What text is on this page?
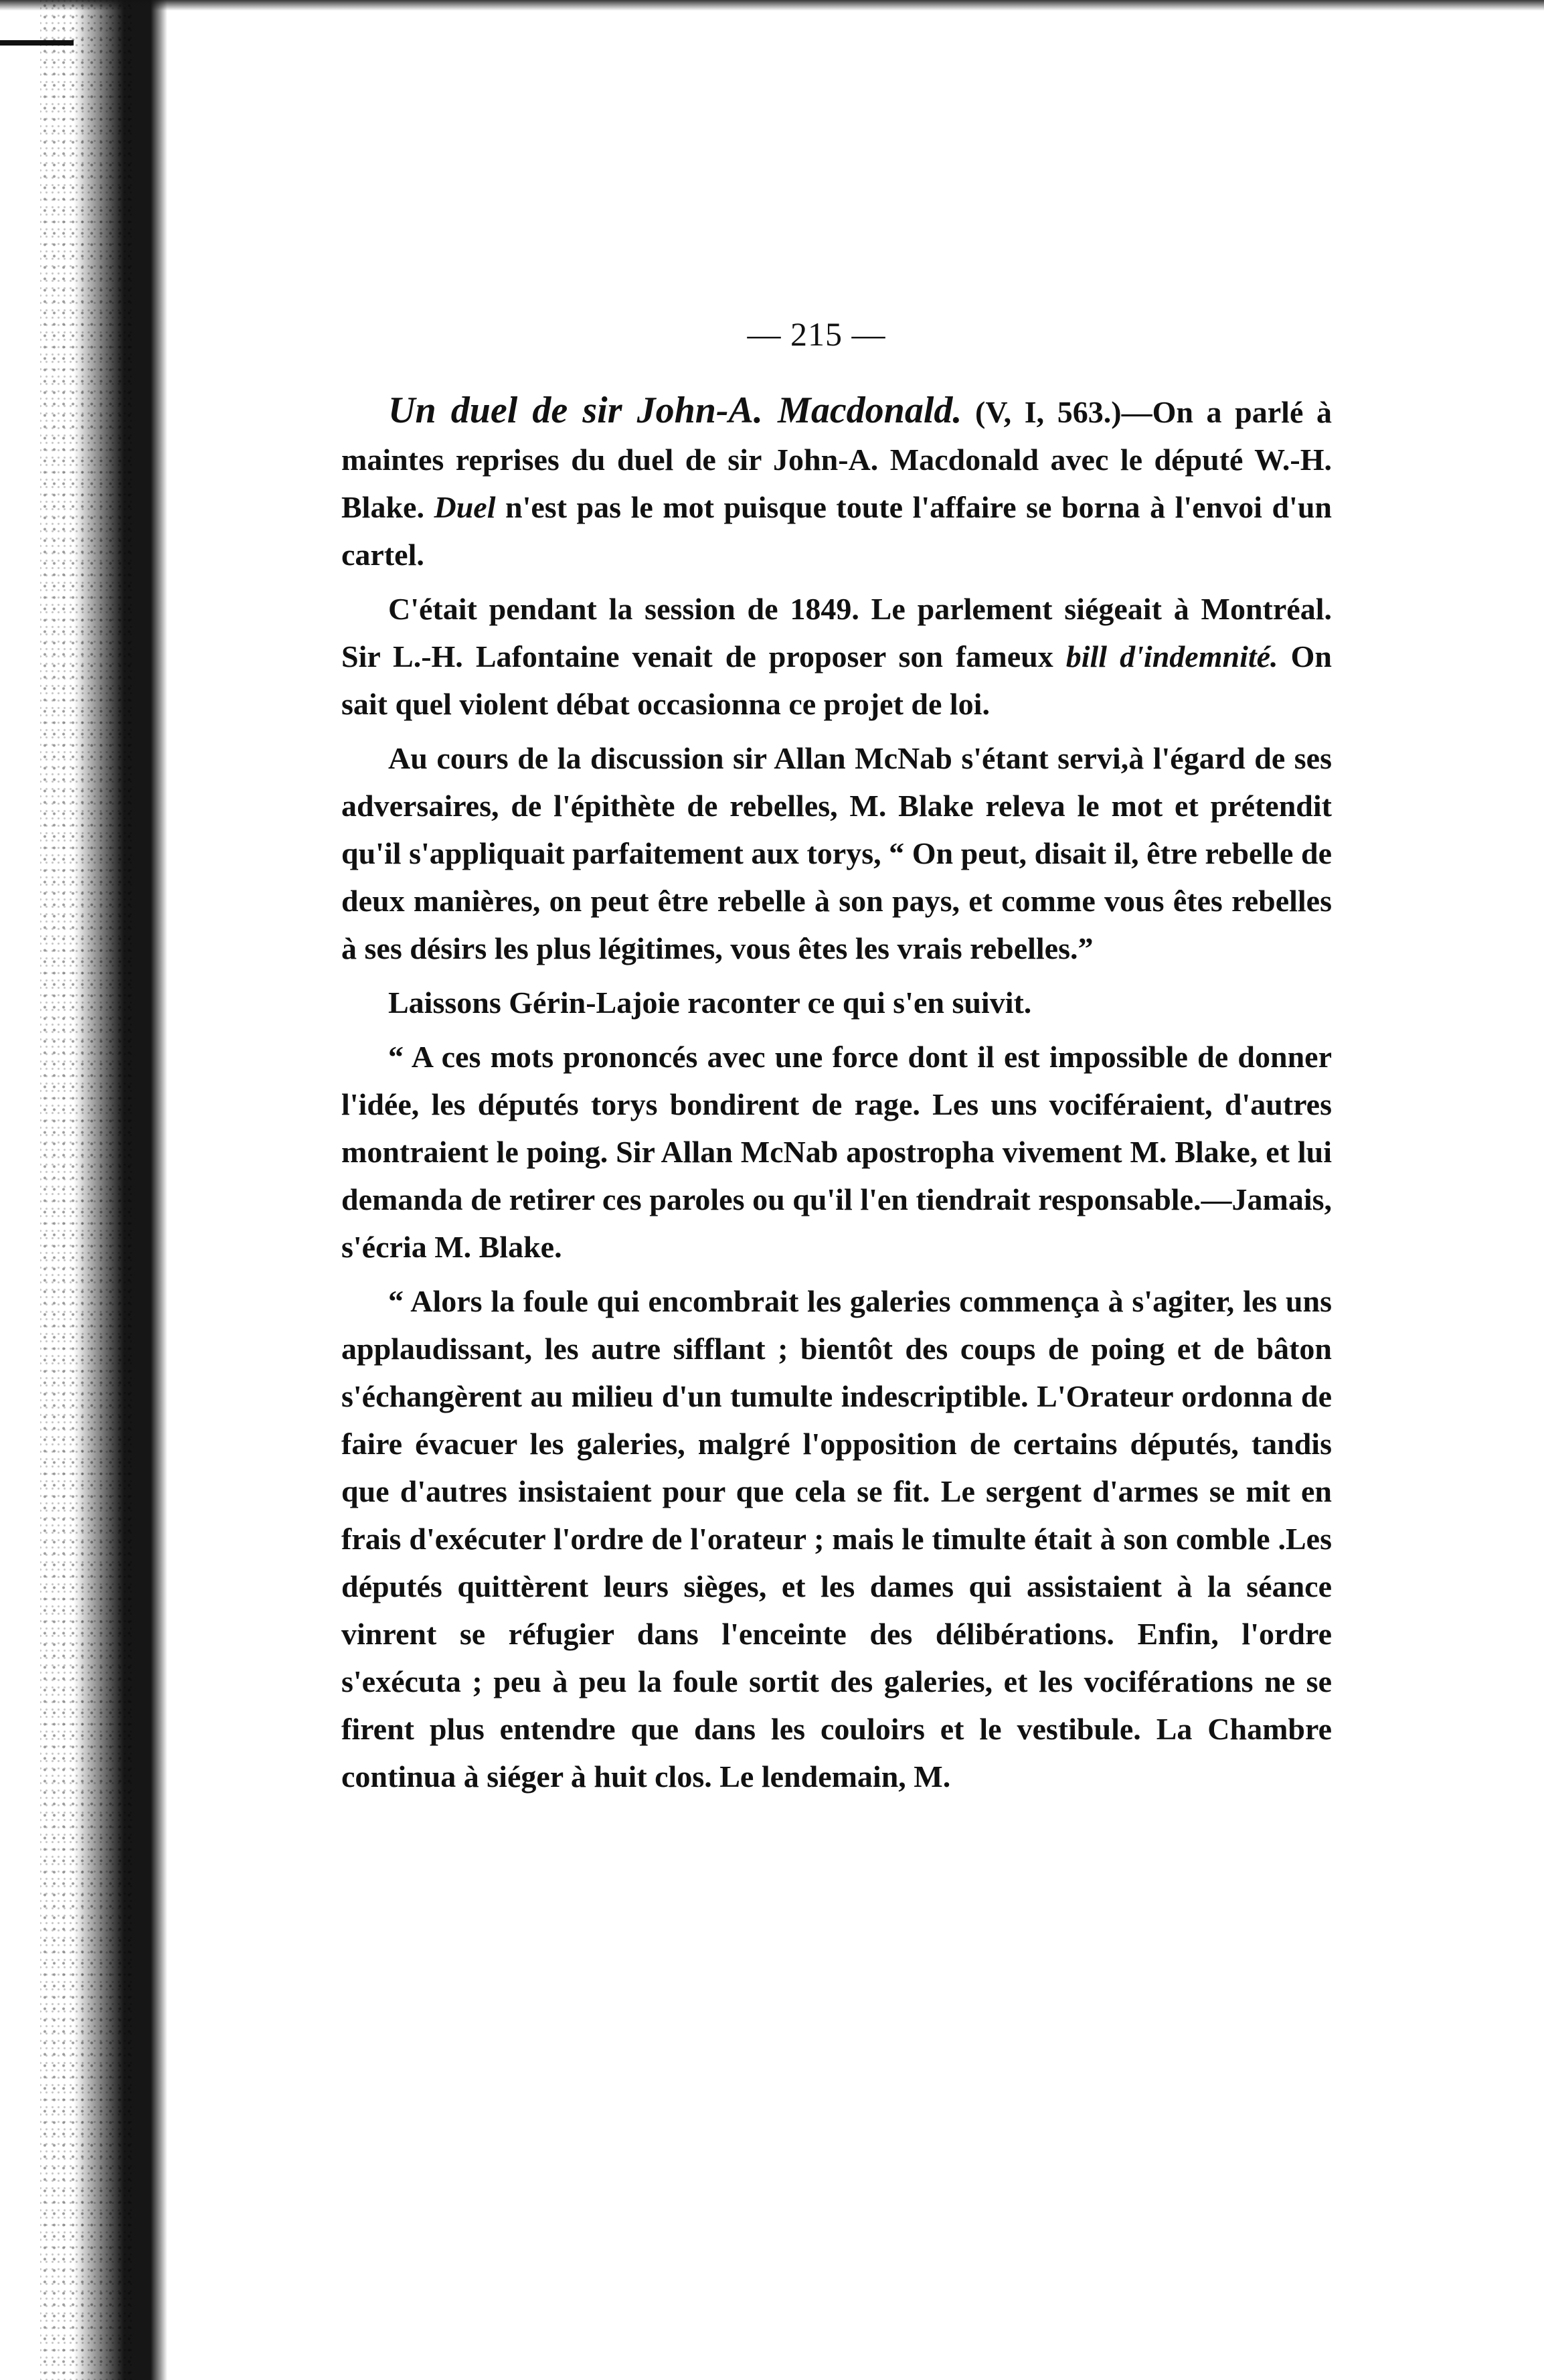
— 215 —

Un duel de sir John-A. Macdonald. (V, I, 563.)—On a parlé à maintes reprises du duel de sir John-A. Macdonald avec le député W.-H. Blake. Duel n'est pas le mot puisque toute l'affaire se borna à l'envoi d'un cartel.

C'était pendant la session de 1849. Le parlement siégeait à Montréal. Sir L.-H. Lafontaine venait de proposer son fameux bill d'indemnité. On sait quel violent débat occasionna ce projet de loi.

Au cours de la discussion sir Allan McNab s'étant servi,à l'égard de ses adversaires, de l'épithète de rebelles, M. Blake releva le mot et prétendit qu'il s'appliquait parfaitement aux torys, “ On peut, disait il, être rebelle de deux manières, on peut être rebelle à son pays, et comme vous êtes rebelles à ses désirs les plus légitimes, vous êtes les vrais rebelles.”

Laissons Gérin-Lajoie raconter ce qui s'en suivit.

“ A ces mots prononcés avec une force dont il est impossible de donner l'idée, les députés torys bondirent de rage. Les uns vociféraient, d'autres montraient le poing. Sir Allan McNab apostropha vivement M. Blake, et lui demanda de retirer ces paroles ou qu'il l'en tiendrait responsable.—Jamais, s'écria M. Blake.

“ Alors la foule qui encombrait les galeries commença à s'agiter, les uns applaudissant, les autre sifflant ; bientôt des coups de poing et de bâton s'échangèrent au milieu d'un tumulte indescriptible. L'Orateur ordonna de faire évacuer les galeries, malgré l'opposition de certains députés, tandis que d'autres insistaient pour que cela se fit. Le sergent d'armes se mit en frais d'exécuter l'ordre de l'orateur ; mais le timulte était à son comble .Les députés quittèrent leurs sièges, et les dames qui assistaient à la séance vinrent se réfugier dans l'enceinte des délibérations. Enfin, l'ordre s'exécuta ; peu à peu la foule sortit des galeries, et les vociférations ne se firent plus entendre que dans les couloirs et le vestibule. La Chambre continua à siéger à huit clos. Le lendemain, M.
